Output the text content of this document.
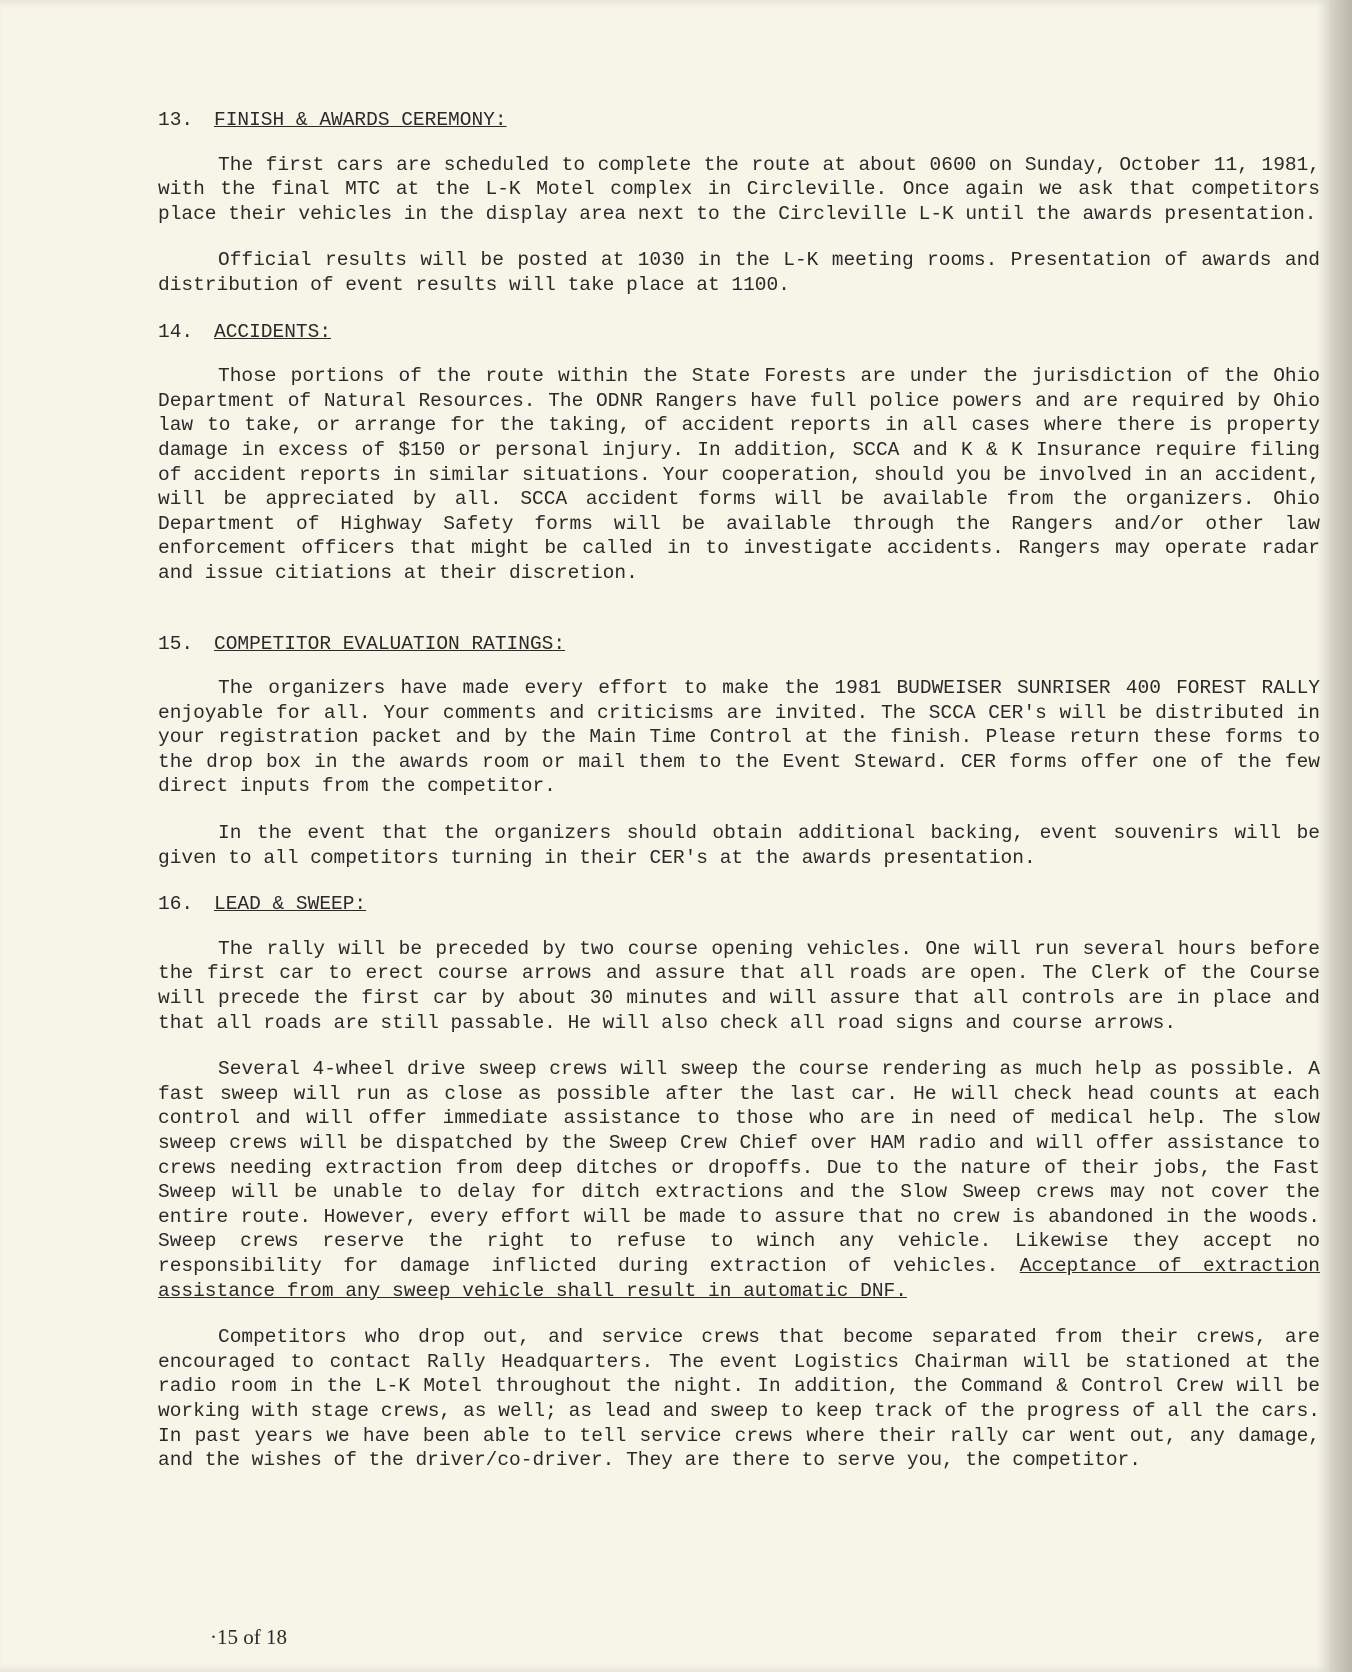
13. FINISH & AWARDS CEREMONY:

The first cars are scheduled to complete the route at about 0600 on Sunday, October 11, 1981, with the final MTC at the L-K Motel complex in Circleville. Once again we ask that competitors place their vehicles in the display area next to the Circleville L-K until the awards presentation.

Official results will be posted at 1030 in the L-K meeting rooms. Presentation of awards and distribution of event results will take place at 1100.

14. ACCIDENTS:

Those portions of the route within the State Forests are under the jurisdiction of the Ohio Department of Natural Resources. The ODNR Rangers have full police powers and are required by Ohio law to take, or arrange for the taking, of accident reports in all cases where there is property damage in excess of $150 or personal injury. In addition, SCCA and K & K Insurance require filing of accident reports in similar situations. Your cooperation, should you be involved in an accident, will be appreciated by all. SCCA accident forms will be available from the organizers. Ohio Department of Highway Safety forms will be available through the Rangers and/or other law enforcement officers that might be called in to investigate accidents. Rangers may operate radar and issue citiations at their discretion.

15. COMPETITOR EVALUATION RATINGS:

The organizers have made every effort to make the 1981 BUDWEISER SUNRISER 400 FOREST RALLY enjoyable for all. Your comments and criticisms are invited. The SCCA CER's will be distributed in your registration packet and by the Main Time Control at the finish. Please return these forms to the drop box in the awards room or mail them to the Event Steward. CER forms offer one of the few direct inputs from the competitor.

In the event that the organizers should obtain additional backing, event souvenirs will be given to all competitors turning in their CER's at the awards presentation.

16. LEAD & SWEEP:

The rally will be preceded by two course opening vehicles. One will run several hours before the first car to erect course arrows and assure that all roads are open. The Clerk of the Course will precede the first car by about 30 minutes and will assure that all controls are in place and that all roads are still passable. He will also check all road signs and course arrows.

Several 4-wheel drive sweep crews will sweep the course rendering as much help as possible. A fast sweep will run as close as possible after the last car. He will check head counts at each control and will offer immediate assistance to those who are in need of medical help. The slow sweep crews will be dispatched by the Sweep Crew Chief over HAM radio and will offer assistance to crews needing extraction from deep ditches or dropoffs. Due to the nature of their jobs, the Fast Sweep will be unable to delay for ditch extractions and the Slow Sweep crews may not cover the entire route. However, every effort will be made to assure that no crew is abandoned in the woods. Sweep crews reserve the right to refuse to winch any vehicle. Likewise they accept no responsibility for damage inflicted during extraction of vehicles. Acceptance of extraction assistance from any sweep vehicle shall result in automatic DNF.

Competitors who drop out, and service crews that become separated from their crews, are encouraged to contact Rally Headquarters. The event Logistics Chairman will be stationed at the radio room in the L-K Motel throughout the night. In addition, the Command & Control Crew will be working with stage crews, as well; as lead and sweep to keep track of the progress of all the cars. In past years we have been able to tell service crews where their rally car went out, any damage, and the wishes of the driver/co-driver. They are there to serve you, the competitor.

·15 of 18
